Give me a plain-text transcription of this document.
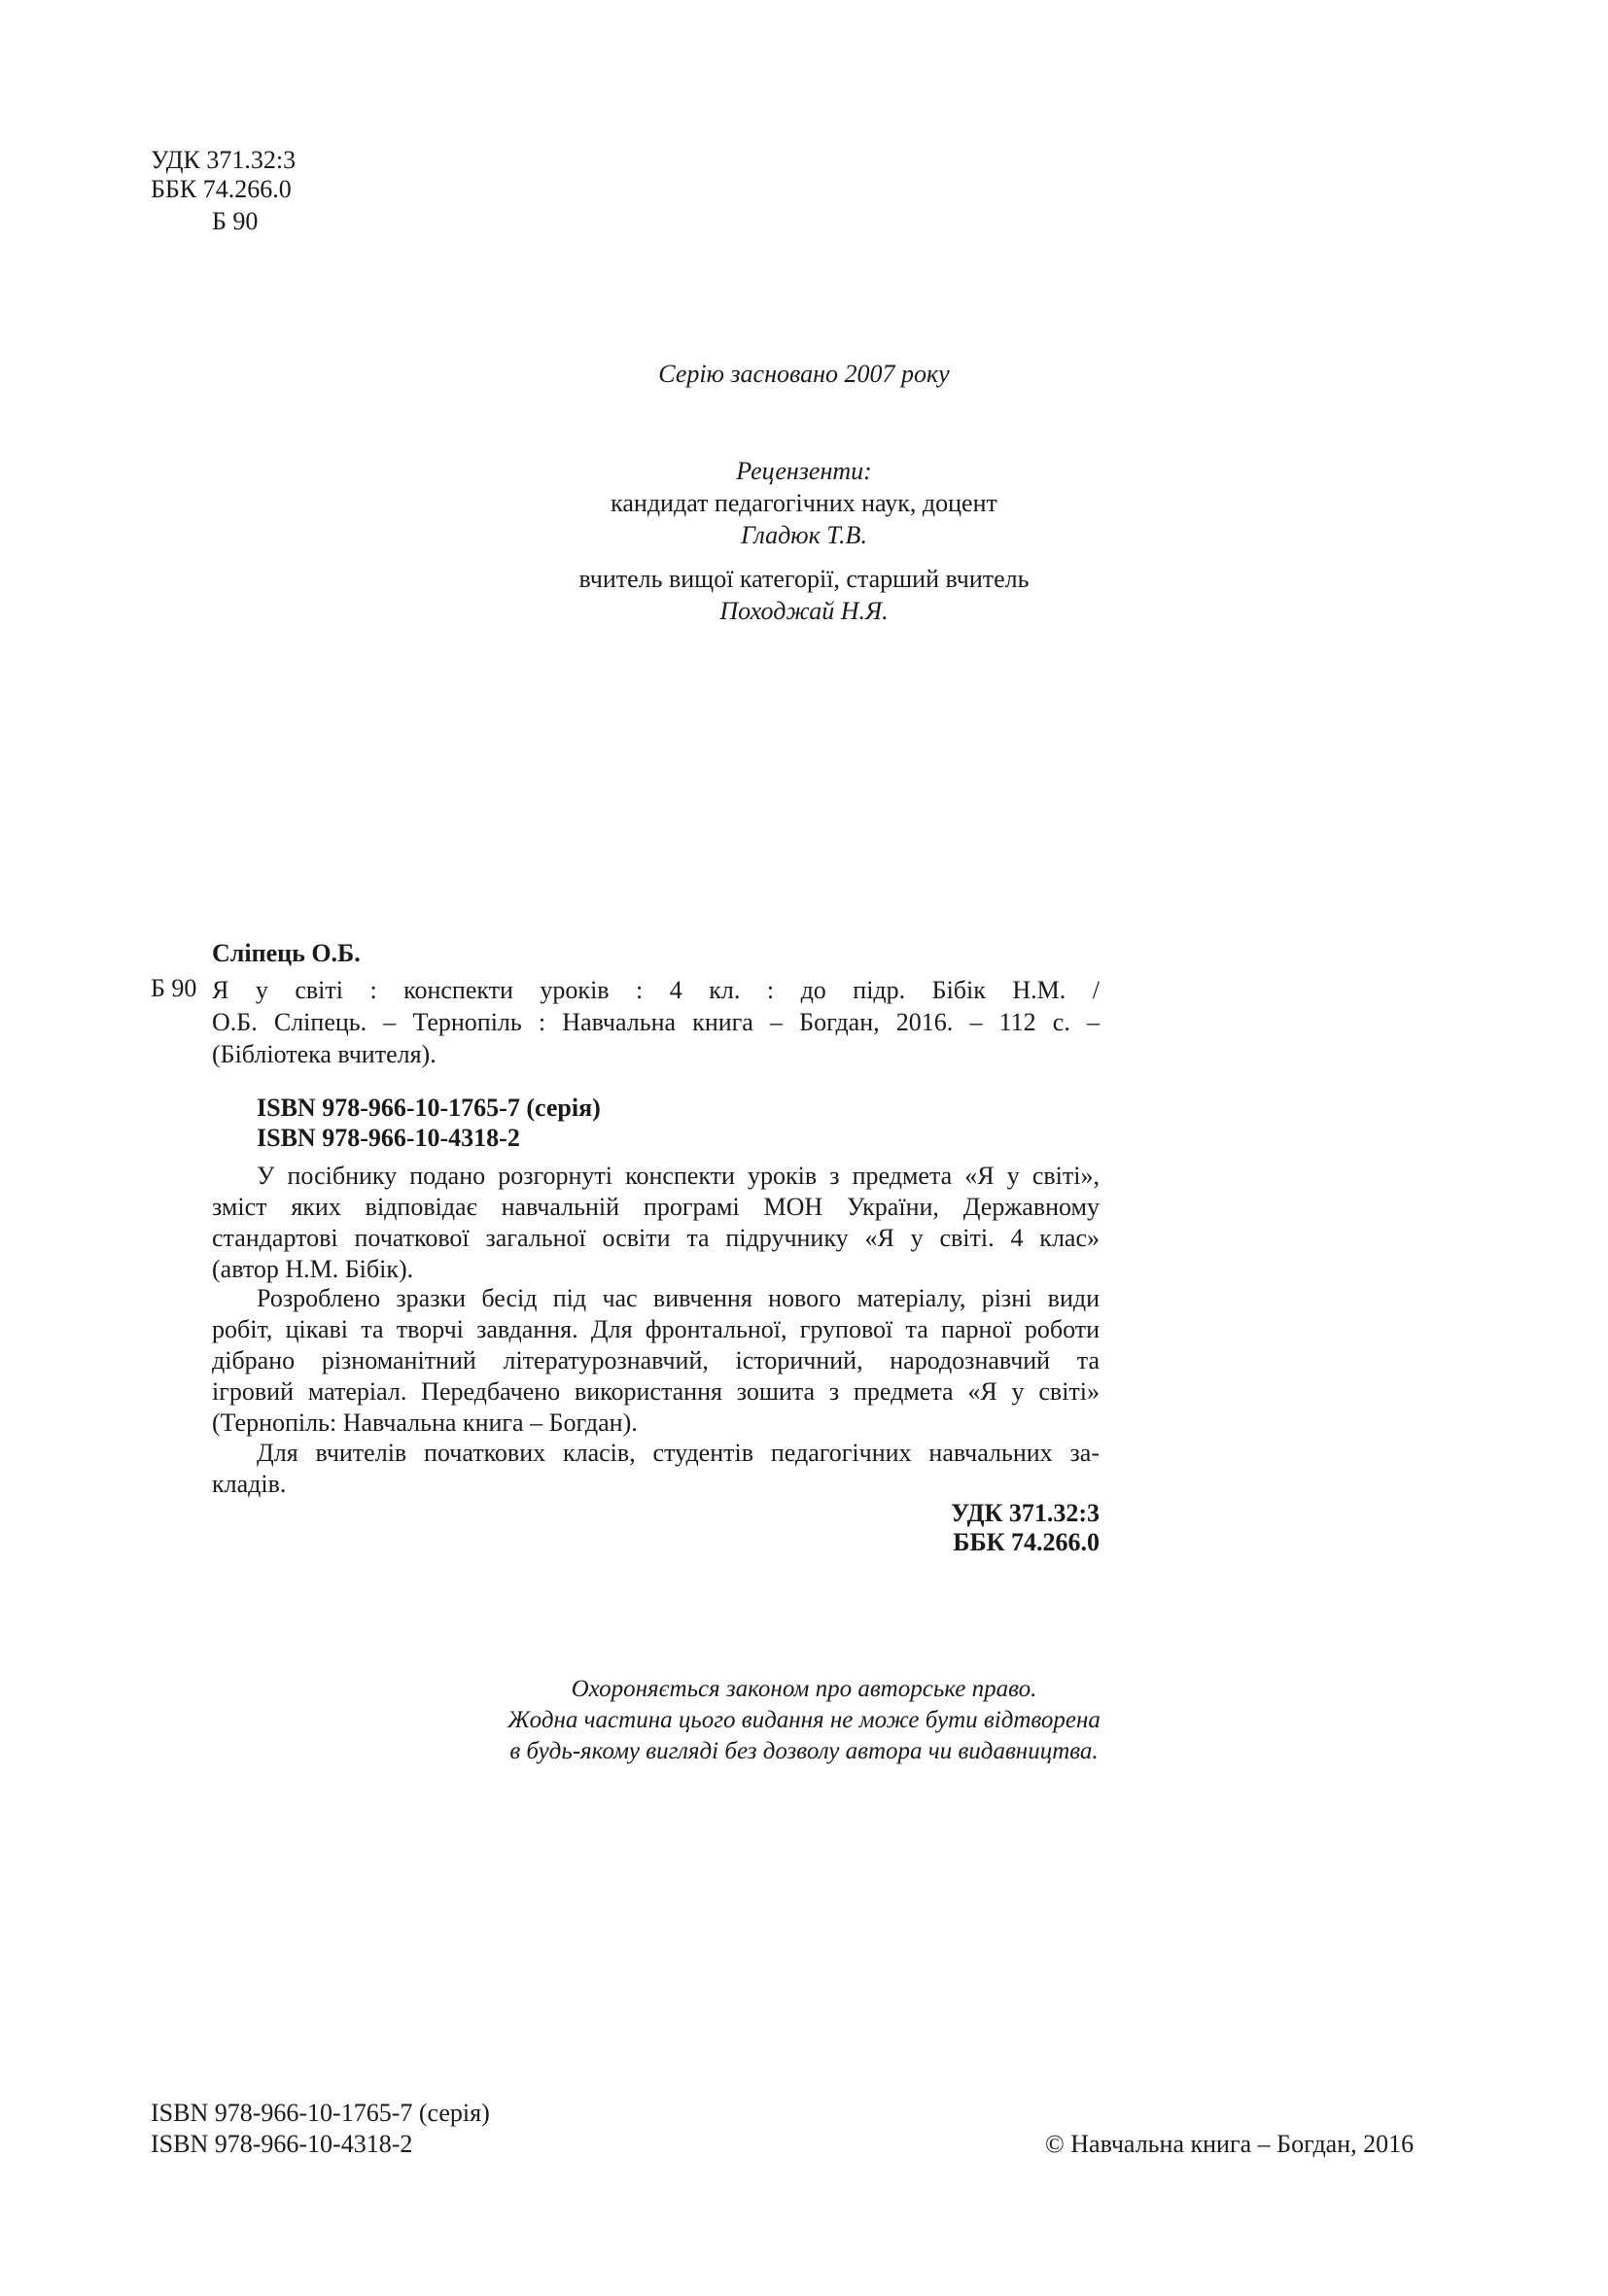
УДК 371.32:3
ББК 74.266.0
Б 90
Серію засновано 2007 року
Рецензенти:
кандидат педагогічних наук, доцент
Гладюк Т.В.
вчитель вищої категорії, старший вчитель
Походжай Н.Я.
Сліпець О.Б.
Б 90 Я у світі : конспекти уроків : 4 кл. : до підр. Бібік Н.М. /
О.Б. Сліпець. – Тернопіль : Навчальна книга – Богдан, 2016. – 112 с. –
(Бібліотека вчителя).
ISBN 978-966-10-1765-7 (серія)
ISBN 978-966-10-4318-2
У посібнику подано розгорнуті конспекти уроків з предмета «Я у світі»,
зміст яких відповідає навчальній програмі МОН України, Державному
стандартові початкової загальної освіти та підручнику «Я у світі. 4 клас»
(автор Н.М. Бібік).
Розроблено зразки бесід під час вивчення нового матеріалу, різні види
робіт, цікаві та творчі завдання. Для фронтальної, групової та парної роботи
дібрано різноманітний літературознавчий, історичний, народознавчий та
ігровий матеріал. Передбачено використання зошита з предмета «Я у світі»
(Тернопіль: Навчальна книга – Богдан).
Для вчителів початкових класів, студентів педагогічних навчальних за-
кладів.
УДК 371.32:3
ББК 74.266.0
Охороняється законом про авторське право.
Жодна частина цього видання не може бути відтворена
в будь-якому вигляді без дозволу автора чи видавництва.
ISBN 978-966-10-1765-7 (серія)
ISBN 978-966-10-4318-2	© Навчальна книга – Богдан, 2016
